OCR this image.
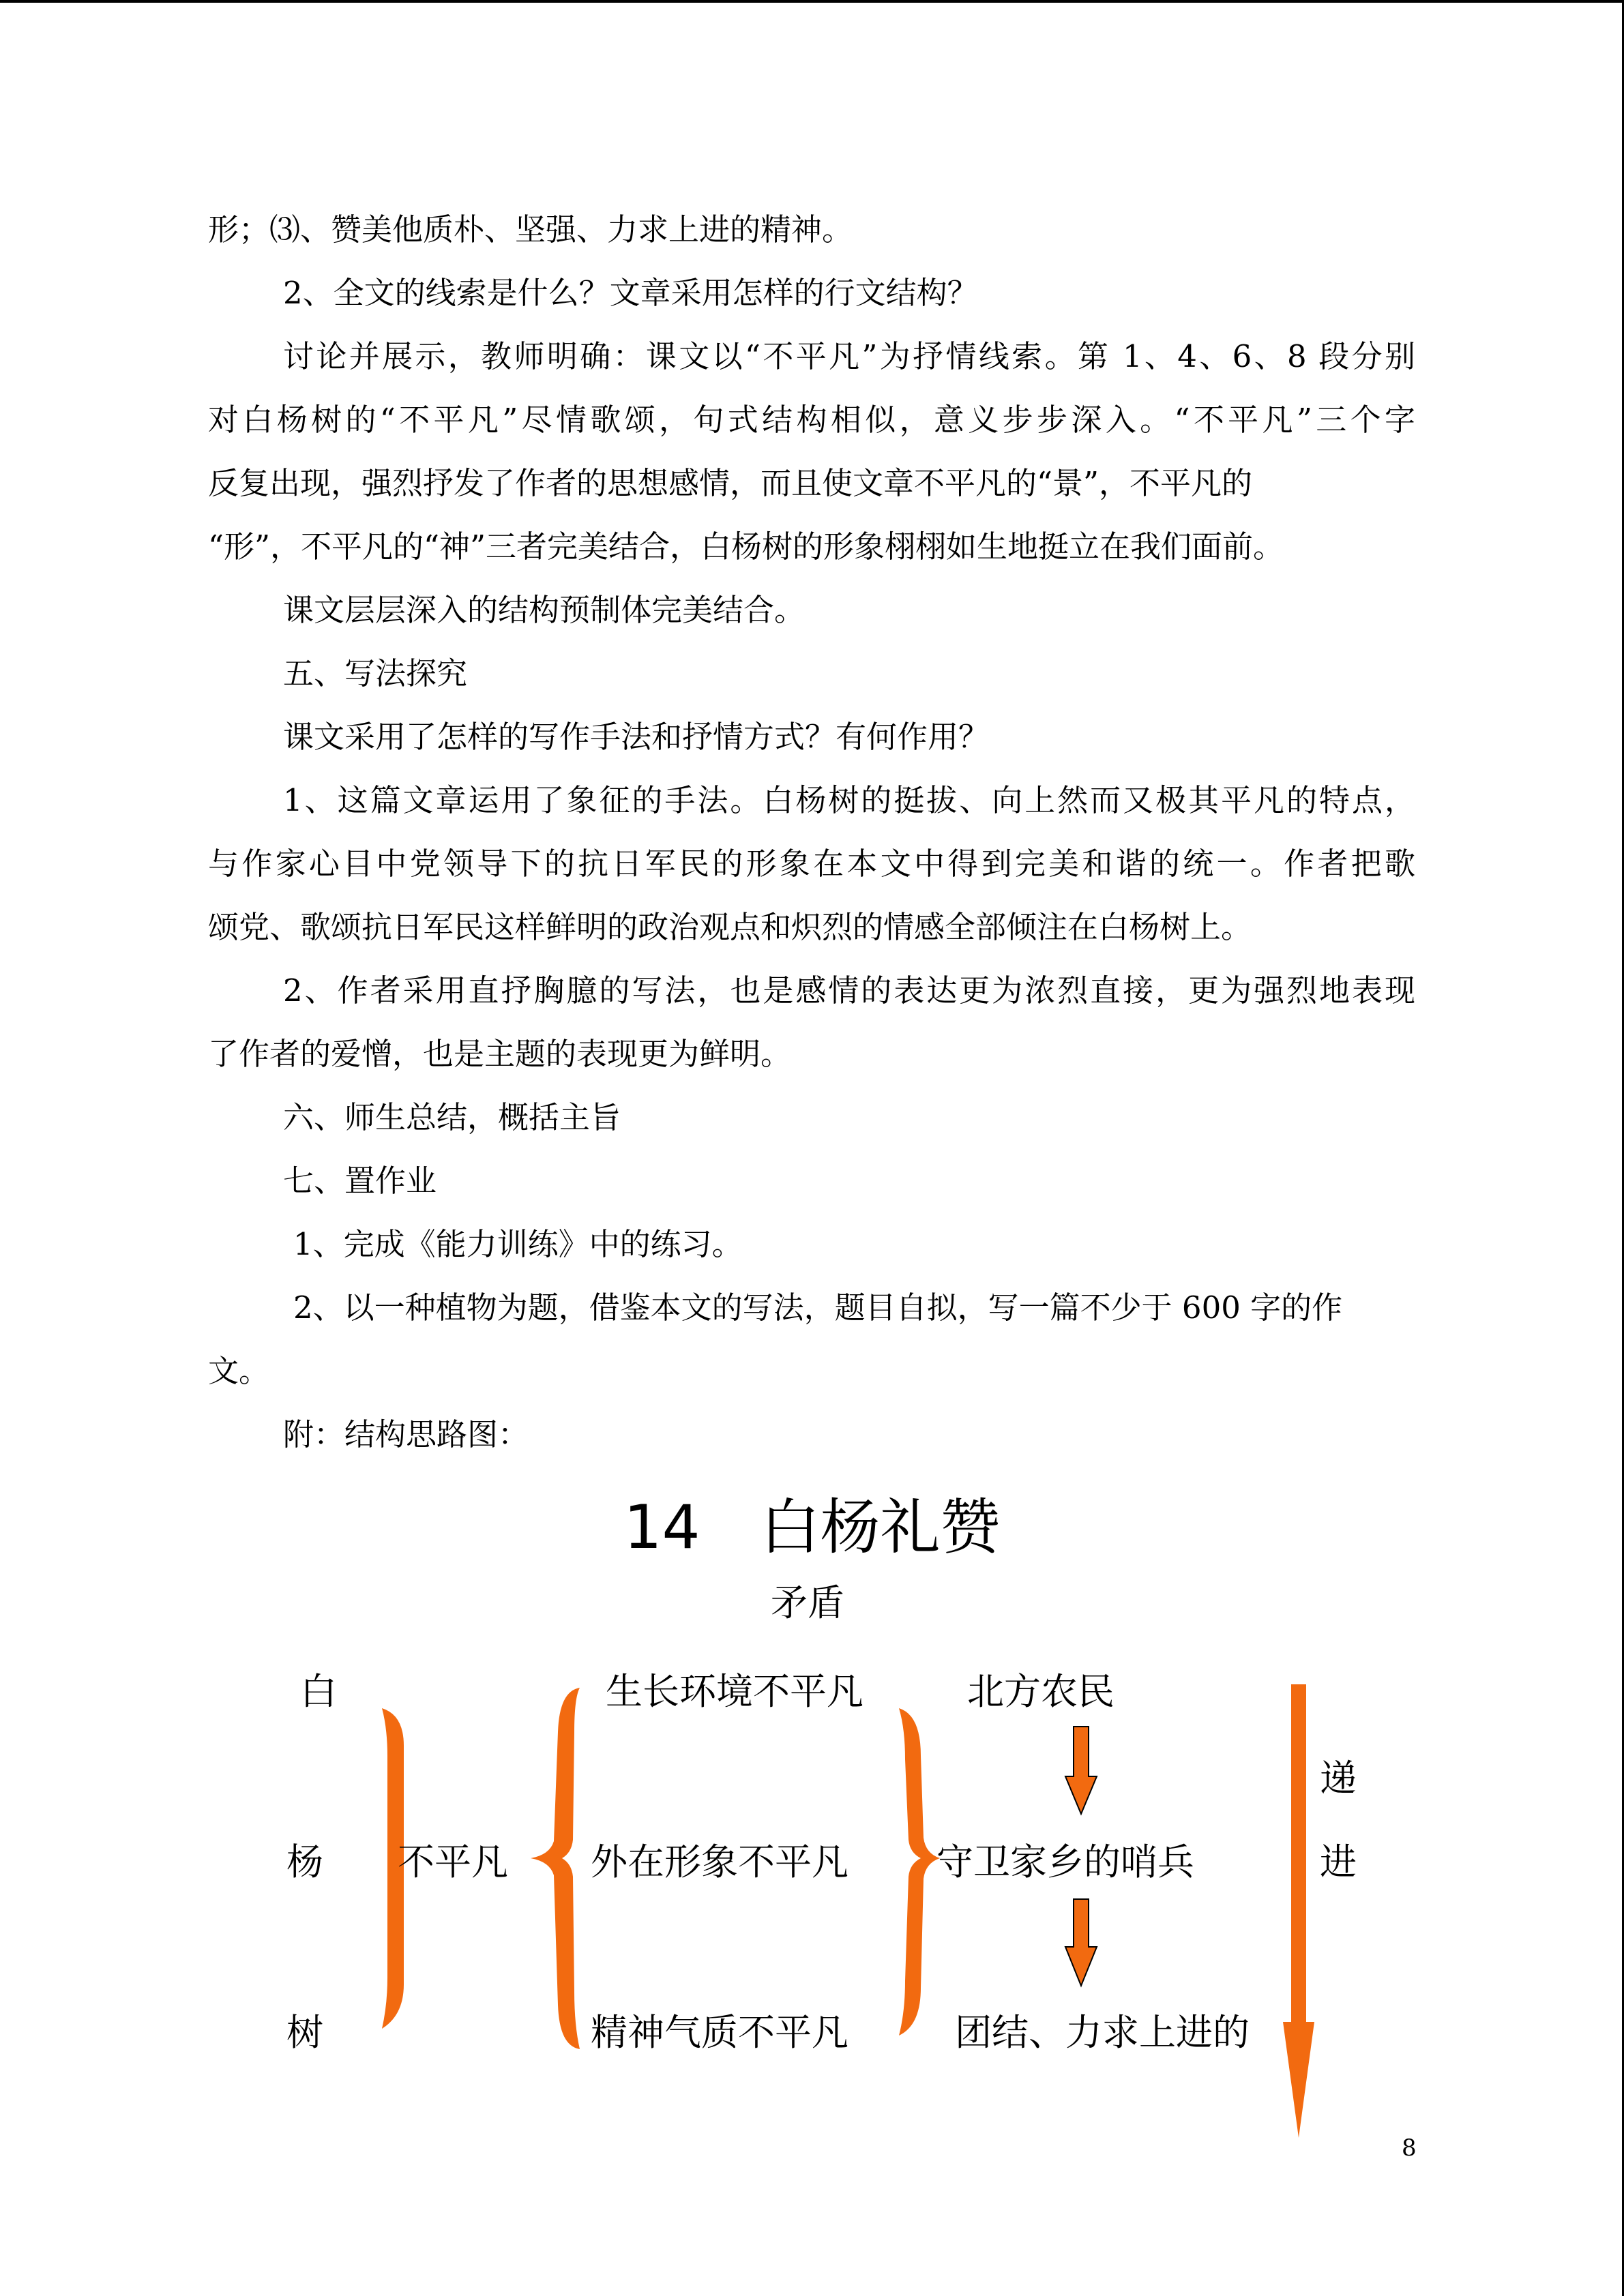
形；⑶、赞美他质朴、坚强、力求上进的精神。

2、全文的线索是什么？文章采用怎样的行文结构？

讨论并展示，教师明确：课文以“不平凡”为抒情线索。第 1、4、6、8 段分别

对白杨树的“不平凡”尽情歌颂，句式结构相似，意义步步深入。“不平凡”三个字

反复出现，强烈抒发了作者的思想感情，而且使文章不平凡的“景”，不平凡的

“形”，不平凡的“神”三者完美结合，白杨树的形象栩栩如生地挺立在我们面前。

课文层层深入的结构预制体完美结合。

五、写法探究

课文采用了怎样的写作手法和抒情方式？有何作用？

1、这篇文章运用了象征的手法。白杨树的挺拔、向上然而又极其平凡的特点，

与作家心目中党领导下的抗日军民的形象在本文中得到完美和谐的统一。作者把歌

颂党、歌颂抗日军民这样鲜明的政治观点和炽烈的情感全部倾注在白杨树上。

2、作者采用直抒胸臆的写法，也是感情的表达更为浓烈直接，更为强烈地表现

了作者的爱憎，也是主题的表现更为鲜明。

六、师生总结，概括主旨

七、置作业

1、完成《能力训练》中的练习。

2、以一种植物为题，借鉴本文的写法，题目自拟，写一篇不少于 600 字的作

文。

附：结构思路图：

14　白杨礼赞
矛盾
白
杨
树
不平凡
生长环境不平凡
外在形象不平凡
精神气质不平凡
北方农民
守卫家乡的哨兵
团结、力求上进的
递
进
8
